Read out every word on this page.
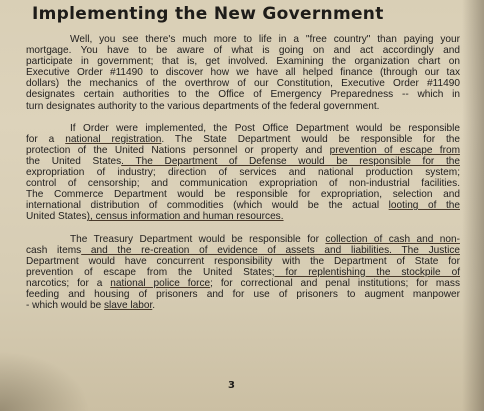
Implementing the New Government
Well, you see there's much more to life in a "free country" than paying your
mortgage. You have to be aware of what is going on and act accordingly and
participate in government; that is, get involved. Examining the organization chart on
Executive Order #11490 to discover how we have all helped finance (through our tax
dollars) the mechanics of the overthrow of our Constitution, Executive Order #11490
designates certain authorities to the Office of Emergency Preparedness -- which in
turn designates authority to the various departments of the federal government.
If Order were implemented, the Post Office Department would be responsible
for a national registration. The State Department would be responsible for the
protection of the United Nations personnel or property and prevention of escape from
the United States. The Department of Defense would be responsible for the
expropriation of industry; direction of services and national production system;
control of censorship; and communication expropriation of non-industrial facilities.
The Commerce Department would be responsible for expropriation, selection and
international distribution of commodities (which would be the actual looting of the
United States), census information and human resources.
The Treasury Department would be responsible for collection of cash and non-
cash items and the re-creation of evidence of assets and liabilities. The Justice
Department would have concurrent responsibility with the Department of State for
prevention of escape from the United States; for replentishing the stockpile of
narcotics; for a national police force; for correctional and penal institutions; for mass
feeding and housing of prisoners and for use of prisoners to augment manpower
- which would be slave labor.
3
